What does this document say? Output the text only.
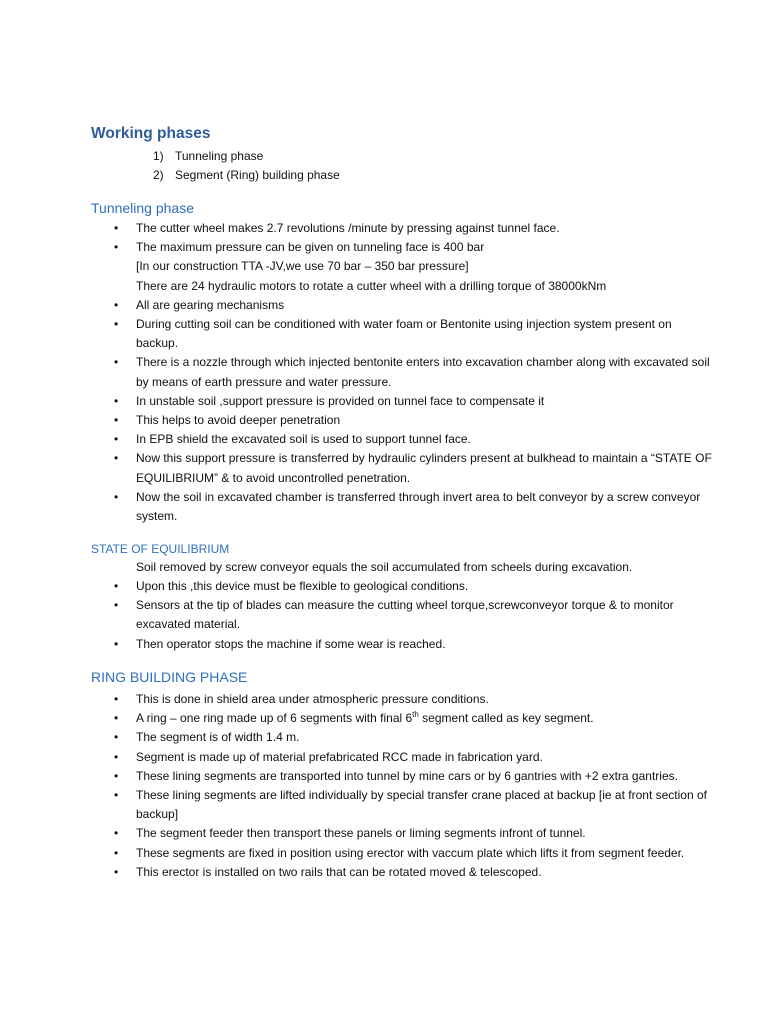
Working phases
1) Tunneling phase
2) Segment (Ring) building phase
Tunneling phase
•	The cutter wheel makes 2.7 revolutions /minute by pressing against tunnel face.
•	The maximum pressure can be given on tunneling face is 400 bar
[In our construction TTA -JV,we use 70 bar – 350 bar pressure]
There are 24 hydraulic motors to rotate a cutter wheel with a drilling torque of 38000kNm
•	All are gearing mechanisms
•	During cutting soil can be conditioned with water foam or Bentonite using injection system present on backup.
•	There is a nozzle through which injected bentonite enters into excavation chamber along with excavated soil by means of earth pressure and water pressure.
•	In unstable soil ,support pressure is provided on tunnel face to compensate it
•	This helps to avoid deeper penetration
•	In EPB shield the excavated soil is used to support tunnel face.
•	Now this support pressure is transferred by hydraulic cylinders present at bulkhead to maintain a “STATE OF EQUILIBRIUM” & to avoid uncontrolled penetration.
•	Now the soil in excavated chamber is transferred through invert area to belt conveyor by a screw conveyor system.
STATE OF EQUILIBRIUM
Soil removed by screw conveyor equals the soil accumulated from scheels during excavation.
•	Upon this ,this device must be flexible to geological conditions.
•	Sensors at the tip of blades can measure the cutting wheel torque,screwconveyor torque & to monitor excavated material.
•	Then operator stops the machine if some wear is reached.
RING BUILDING PHASE
•	This is done in shield area under atmospheric pressure conditions.
•	A ring – one ring made up of 6 segments with final 6th segment called as key segment.
•	The segment is of width 1.4 m.
•	Segment is made up of material prefabricated RCC made in fabrication yard.
•	These lining segments are transported into tunnel by mine cars or by 6 gantries with +2 extra gantries.
•	These lining segments are lifted individually by special transfer crane placed at backup [ie at front section of backup]
•	The segment feeder then transport these panels or liming segments infront of tunnel.
•	These segments are fixed in position using erector with vaccum plate which lifts it from segment feeder.
•	This erector is installed on two rails that can be rotated moved & telescoped.
